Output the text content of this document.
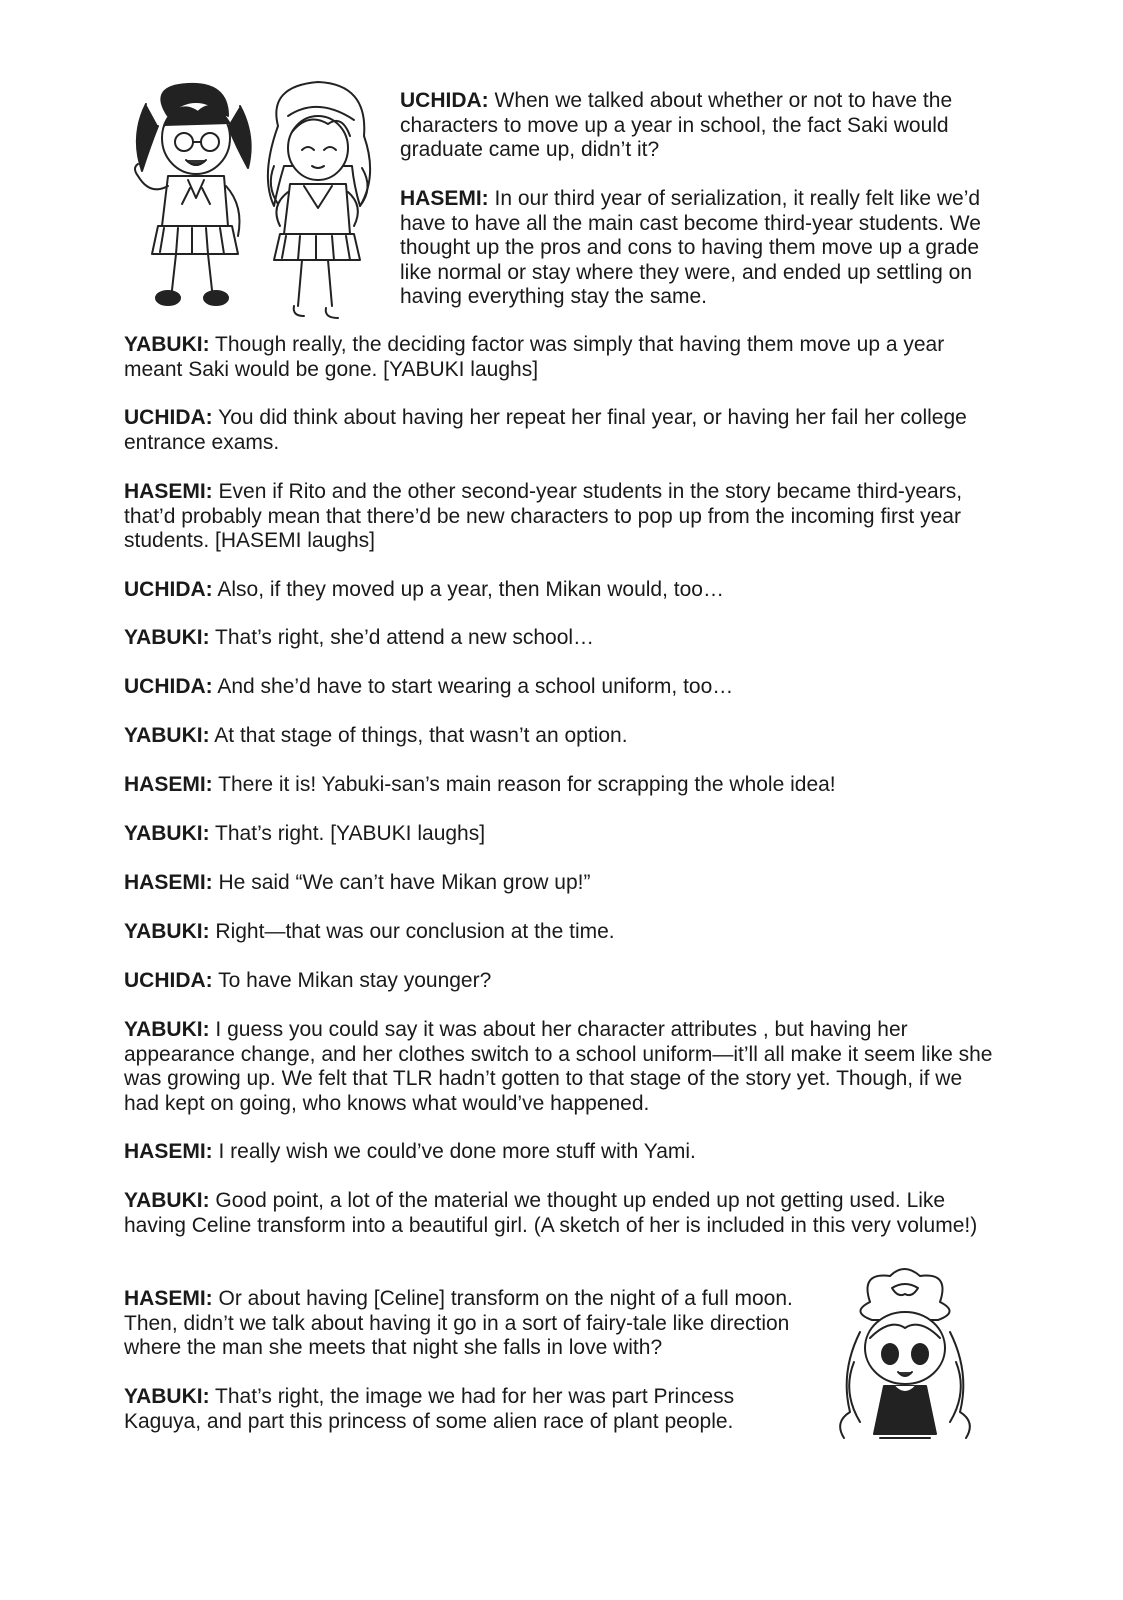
UCHIDA: When we talked about whether or not to have the characters to move up a year in school, the fact Saki would graduate came up, didn’t it?

HASEMI: In our third year of serialization, it really felt like we’d have to have all the main cast become third-year students. We thought up the pros and cons to having them move up a grade like normal or stay where they were, and ended up settling on having everything stay the same.

YABUKI: Though really, the deciding factor was simply that having them move up a year meant Saki would be gone. [YABUKI laughs]

UCHIDA: You did think about having her repeat her final year, or having her fail her college entrance exams.

HASEMI: Even if Rito and the other second-year students in the story became third-years, that’d probably mean that there’d be new characters to pop up from the incoming first year students. [HASEMI laughs]

UCHIDA: Also, if they moved up a year, then Mikan would, too…

YABUKI: That’s right, she’d attend a new school…

UCHIDA: And she’d have to start wearing a school uniform, too…

YABUKI: At that stage of things, that wasn’t an option.

HASEMI: There it is! Yabuki-san’s main reason for scrapping the whole idea!

YABUKI: That’s right. [YABUKI laughs]

HASEMI: He said “We can’t have Mikan grow up!”

YABUKI: Right—that was our conclusion at the time.

UCHIDA: To have Mikan stay younger?

YABUKI: I guess you could say it was about her character attributes , but having her appearance change, and her clothes switch to a school uniform—it’ll all make it seem like she was growing up. We felt that TLR hadn’t gotten to that stage of the story yet. Though, if we had kept on going, who knows what would’ve happened.

HASEMI: I really wish we could’ve done more stuff with Yami.

YABUKI: Good point, a lot of the material we thought up ended up not getting used. Like having Celine transform into a beautiful girl. (A sketch of her is included in this very volume!)

HASEMI: Or about having [Celine] transform on the night of a full moon. Then, didn’t we talk about having it go in a sort of fairy-tale like direction where the man she meets that night she falls in love with?

YABUKI: That’s right, the image we had for her was part Princess Kaguya, and part this princess of some alien race of plant people.
